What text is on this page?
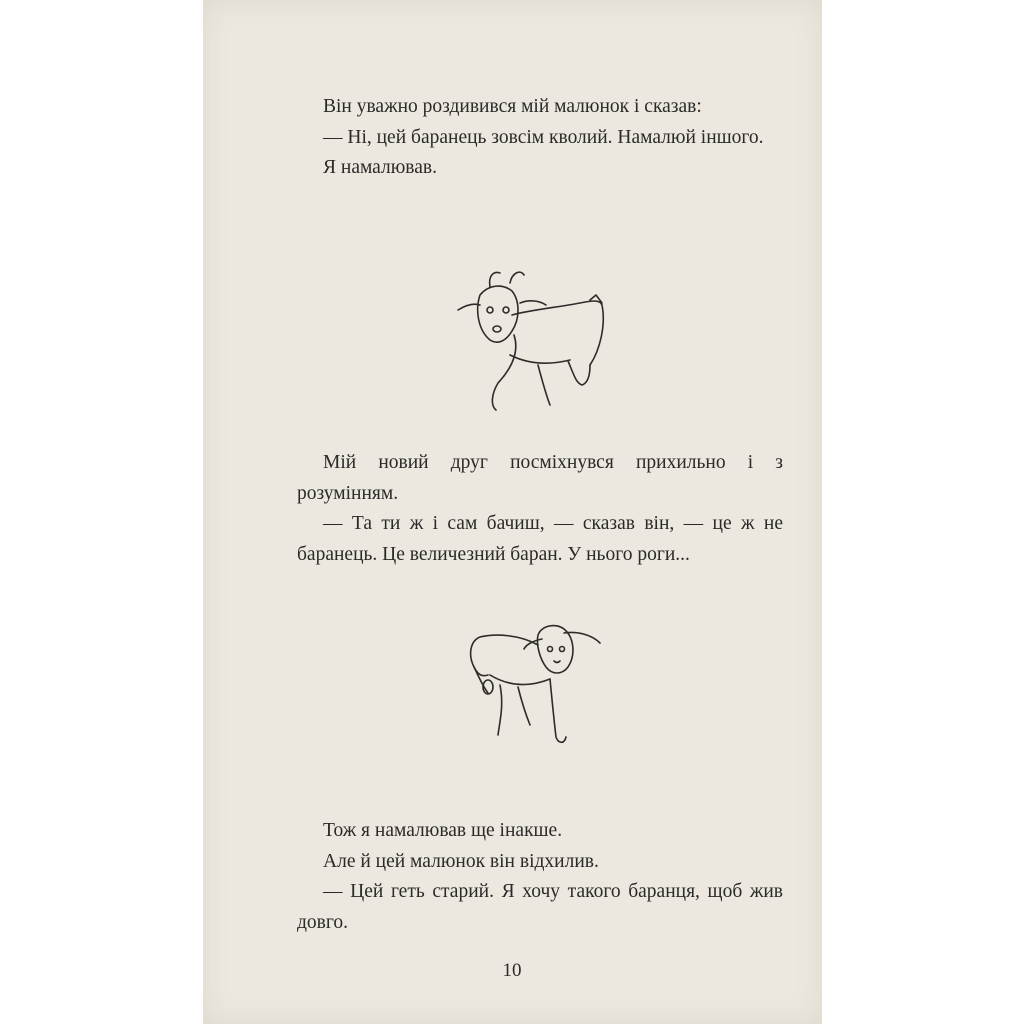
Він уважно роздивився мій малюнок і сказав:

— Ні, цей баранець зовсім кволий. Намалюй іншого.

Я намалював.

Мій новий друг посміхнувся прихильно і з розумінням.

— Та ти ж і сам бачиш, — сказав він, — це ж не баранець. Це величезний баран. У нього роги...

Тож я намалював ще інакше.

Але й цей малюнок він відхилив.

— Цей геть старий. Я хочу такого баранця, щоб жив довго.

10
